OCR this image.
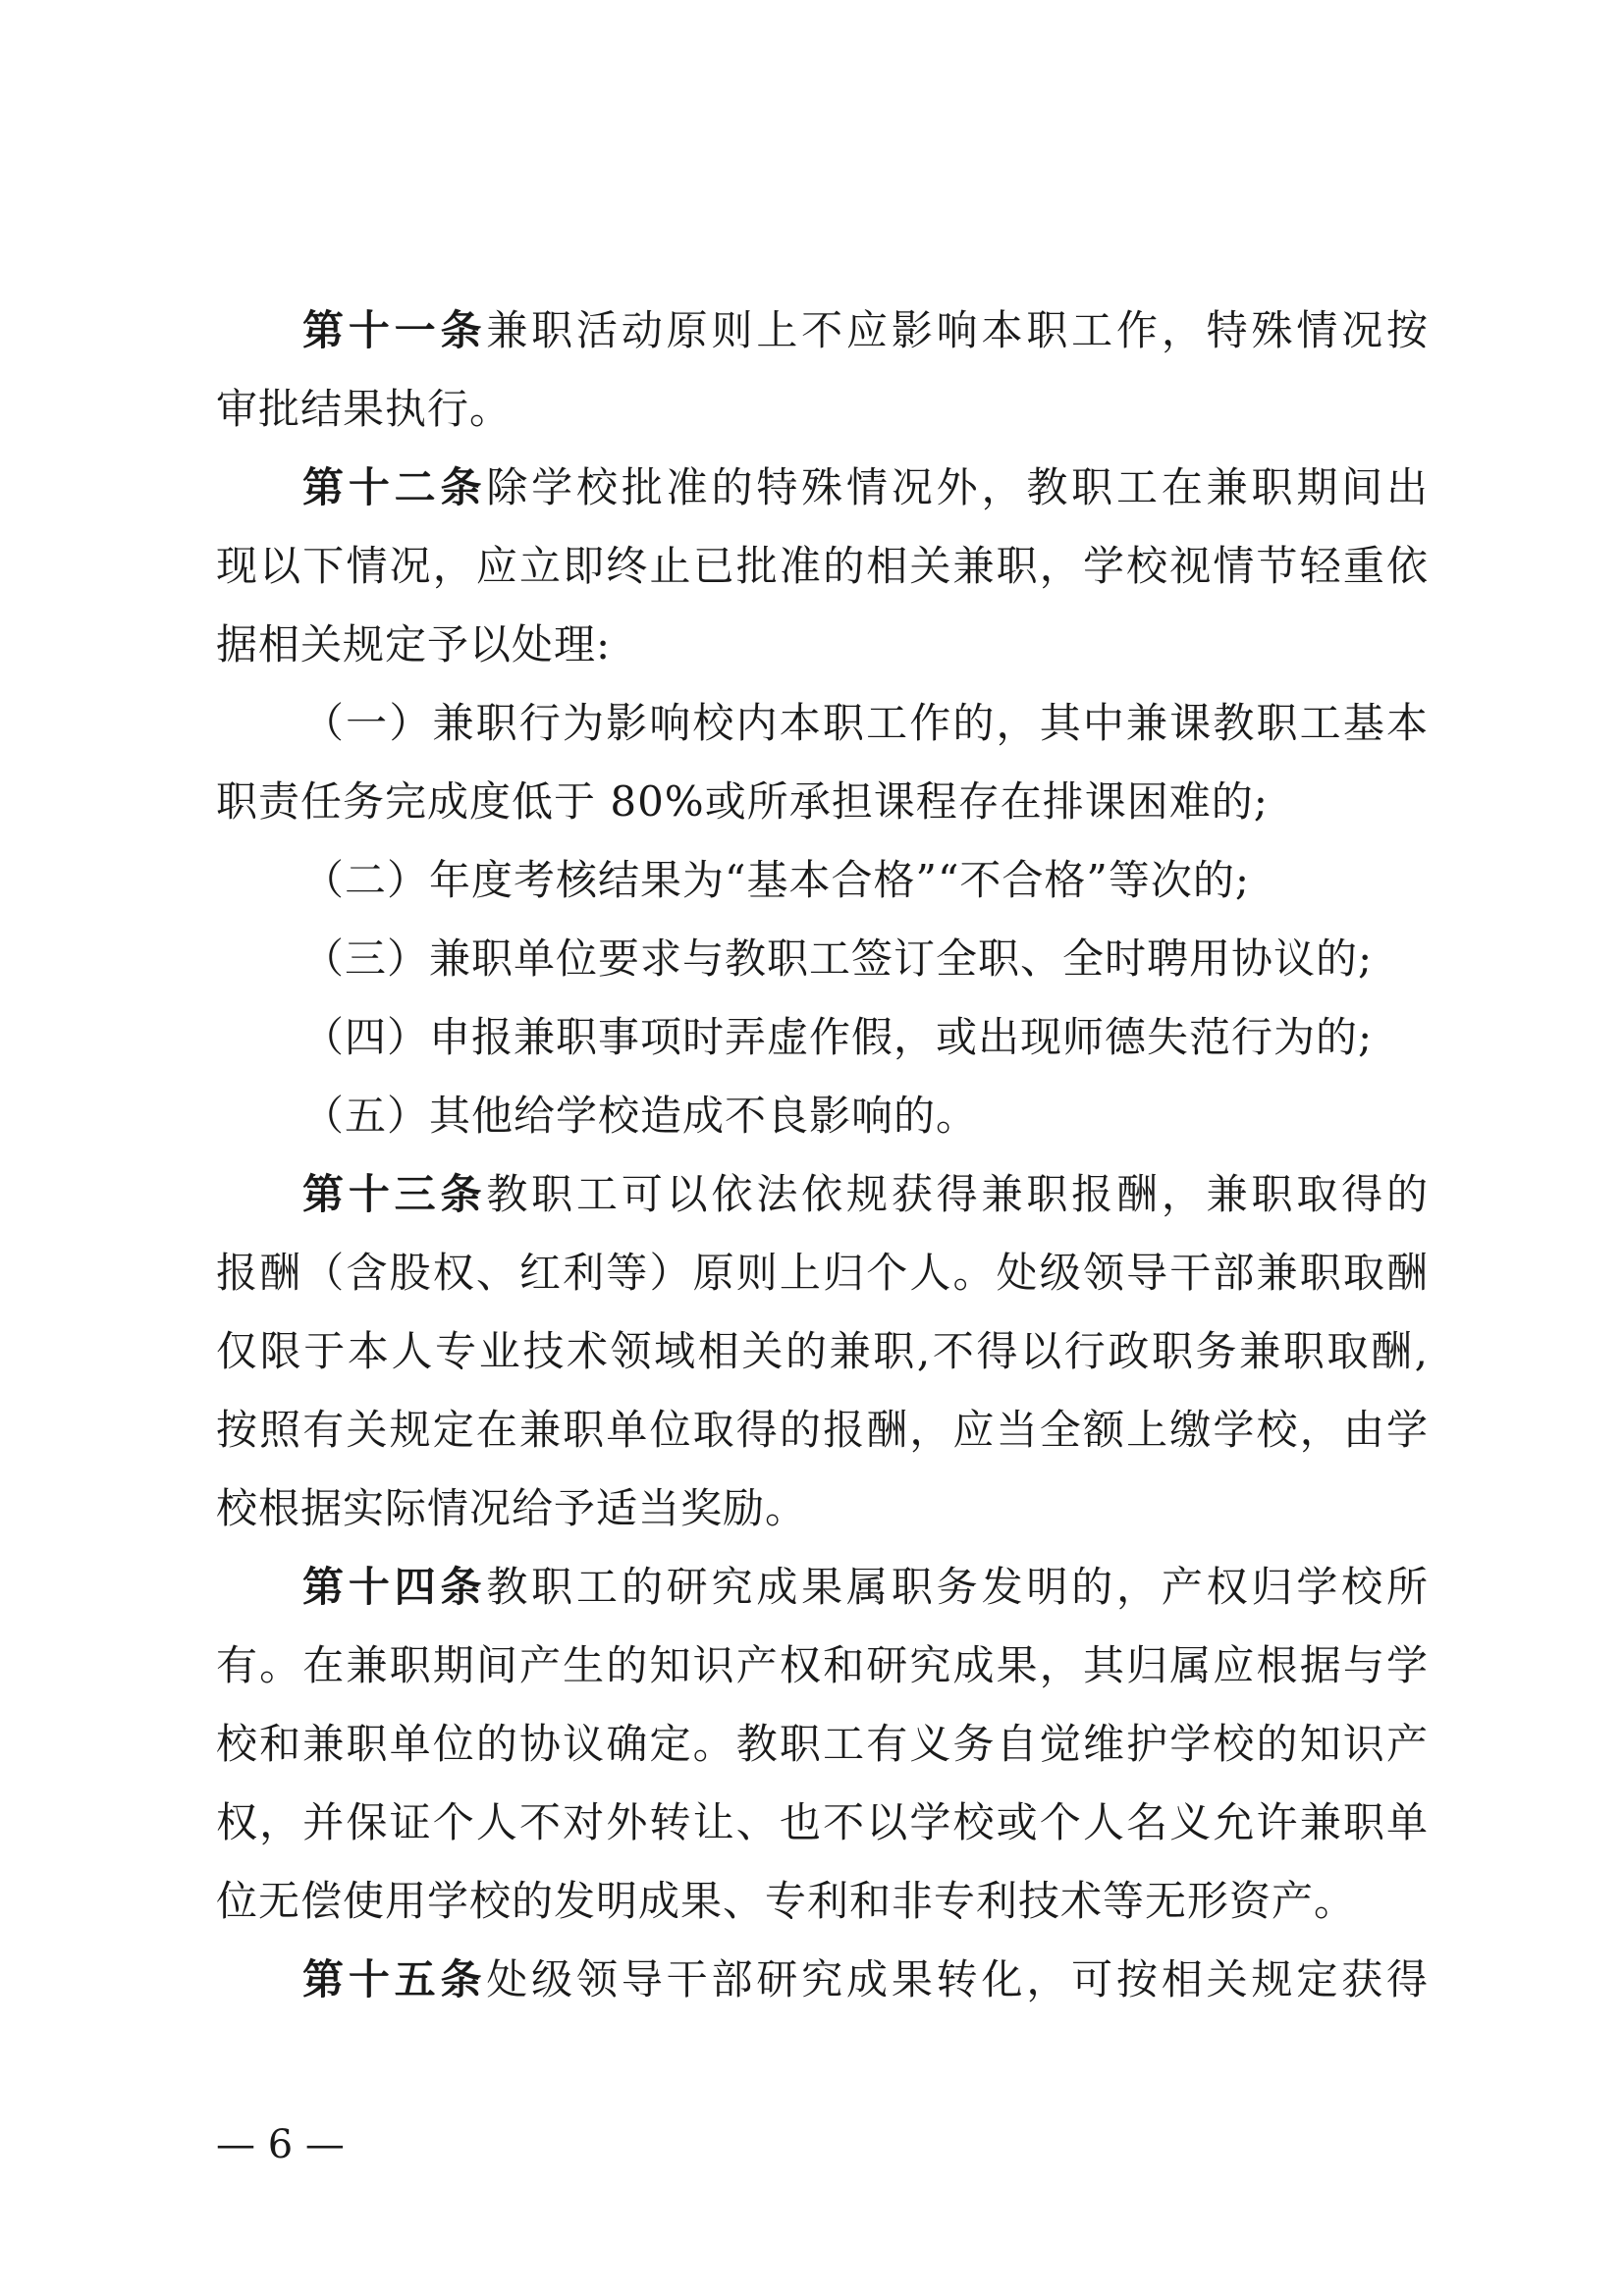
第十一条兼职活动原则上不应影响本职工作，特殊情况按
审批结果执行。
第十二条除学校批准的特殊情况外，教职工在兼职期间出
现以下情况，应立即终止已批准的相关兼职，学校视情节轻重依
据相关规定予以处理:
（一）兼职行为影响校内本职工作的，其中兼课教职工基本
职责任务完成度低于 80%或所承担课程存在排课困难的;
（二）年度考核结果为“基本合格”“不合格”等次的;
（三）兼职单位要求与教职工签订全职、全时聘用协议的;
（四）申报兼职事项时弄虚作假，或出现师德失范行为的;
（五）其他给学校造成不良影响的。
第十三条教职工可以依法依规获得兼职报酬，兼职取得的
报酬（含股权、红利等）原则上归个人。处级领导干部兼职取酬
仅限于本人专业技术领域相关的兼职,不得以行政职务兼职取酬,
按照有关规定在兼职单位取得的报酬，应当全额上缴学校，由学
校根据实际情况给予适当奖励。
第十四条教职工的研究成果属职务发明的，产权归学校所
有。在兼职期间产生的知识产权和研究成果，其归属应根据与学
校和兼职单位的协议确定。教职工有义务自觉维护学校的知识产
权，并保证个人不对外转让、也不以学校或个人名义允许兼职单
位无偿使用学校的发明成果、专利和非专利技术等无形资产。
第十五条处级领导干部研究成果转化，可按相关规定获得
— 6 —
